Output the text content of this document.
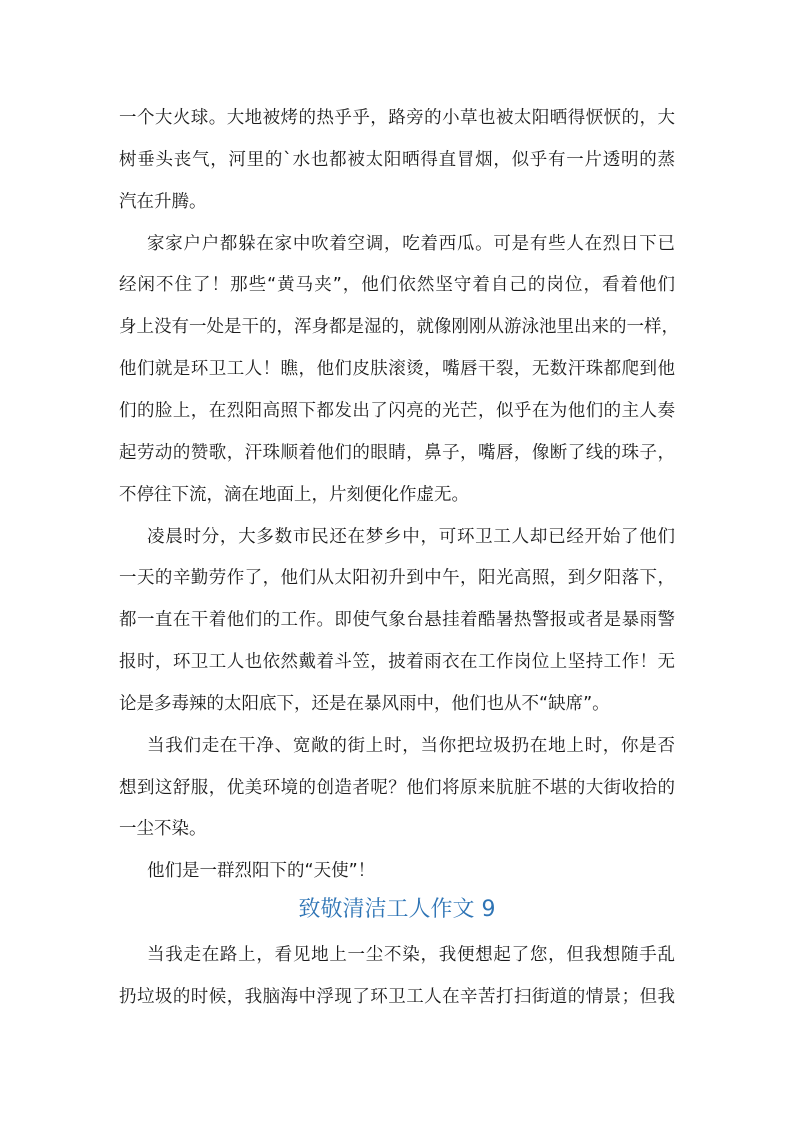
一个大火球。大地被烤的热乎乎，路旁的小草也被太阳晒得恹恹的，大
树垂头丧气，河里的`水也都被太阳晒得直冒烟，似乎有一片透明的蒸
汽在升腾。
家家户户都躲在家中吹着空调，吃着西瓜。可是有些人在烈日下已
经闲不住了！那些“黄马夹”，他们依然坚守着自己的岗位，看着他们
身上没有一处是干的，浑身都是湿的，就像刚刚从游泳池里出来的一样，
他们就是环卫工人！瞧，他们皮肤滚烫，嘴唇干裂，无数汗珠都爬到他
们的脸上，在烈阳高照下都发出了闪亮的光芒，似乎在为他们的主人奏
起劳动的赞歌，汗珠顺着他们的眼睛，鼻子，嘴唇，像断了线的珠子，
不停往下流，滴在地面上，片刻便化作虚无。
凌晨时分，大多数市民还在梦乡中，可环卫工人却已经开始了他们
一天的辛勤劳作了，他们从太阳初升到中午，阳光高照，到夕阳落下，
都一直在干着他们的工作。即使气象台悬挂着酷暑热警报或者是暴雨警
报时，环卫工人也依然戴着斗笠，披着雨衣在工作岗位上坚持工作！无
论是多毒辣的太阳底下，还是在暴风雨中，他们也从不“缺席”。
当我们走在干净、宽敞的街上时，当你把垃圾扔在地上时，你是否
想到这舒服，优美环境的创造者呢？他们将原来肮脏不堪的大街收拾的
一尘不染。
他们是一群烈阳下的“天使”！
致敬清洁工人作文 9
当我走在路上，看见地上一尘不染，我便想起了您，但我想随手乱
扔垃圾的时候，我脑海中浮现了环卫工人在辛苦打扫街道的情景；但我
